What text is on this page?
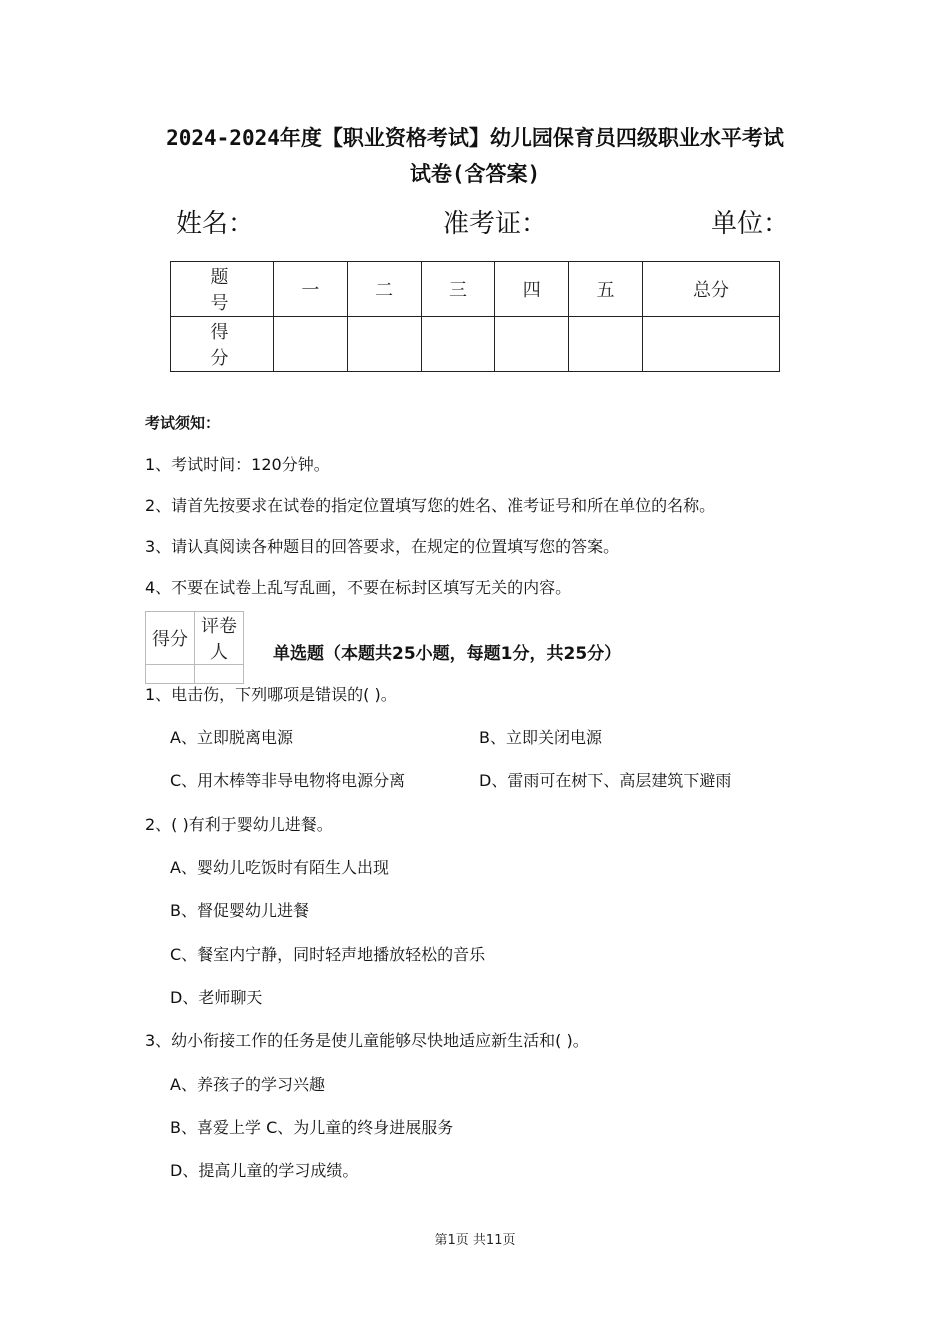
2024-2024年度【职业资格考试】幼儿园保育员四级职业水平考试
试卷(含答案)
姓名：	准考证：	单位：
题 号	一	二	三	四	五	总分
得 分						
考试须知：
1、考试时间：120分钟。
2、请首先按要求在试卷的指定位置填写您的姓名、准考证号和所在单位的名称。
3、请认真阅读各种题目的回答要求，在规定的位置填写您的答案。
4、不要在试卷上乱写乱画，不要在标封区填写无关的内容。
得分	评卷人
		单选题（本题共25小题，每题1分，共25分）
1、电击伤，下列哪项是错误的( )。
A、立即脱离电源	B、立即关闭电源
C、用木棒等非导电物将电源分离	D、雷雨可在树下、高层建筑下避雨
2、( )有利于婴幼儿进餐。
A、婴幼儿吃饭时有陌生人出现
B、督促婴幼儿进餐
C、餐室内宁静，同时轻声地播放轻松的音乐
D、老师聊天
3、幼小衔接工作的任务是使儿童能够尽快地适应新生活和( )。
A、养孩子的学习兴趣
B、喜爱上学 C、为儿童的终身进展服务
D、提高儿童的学习成绩。
第1页 共11页
